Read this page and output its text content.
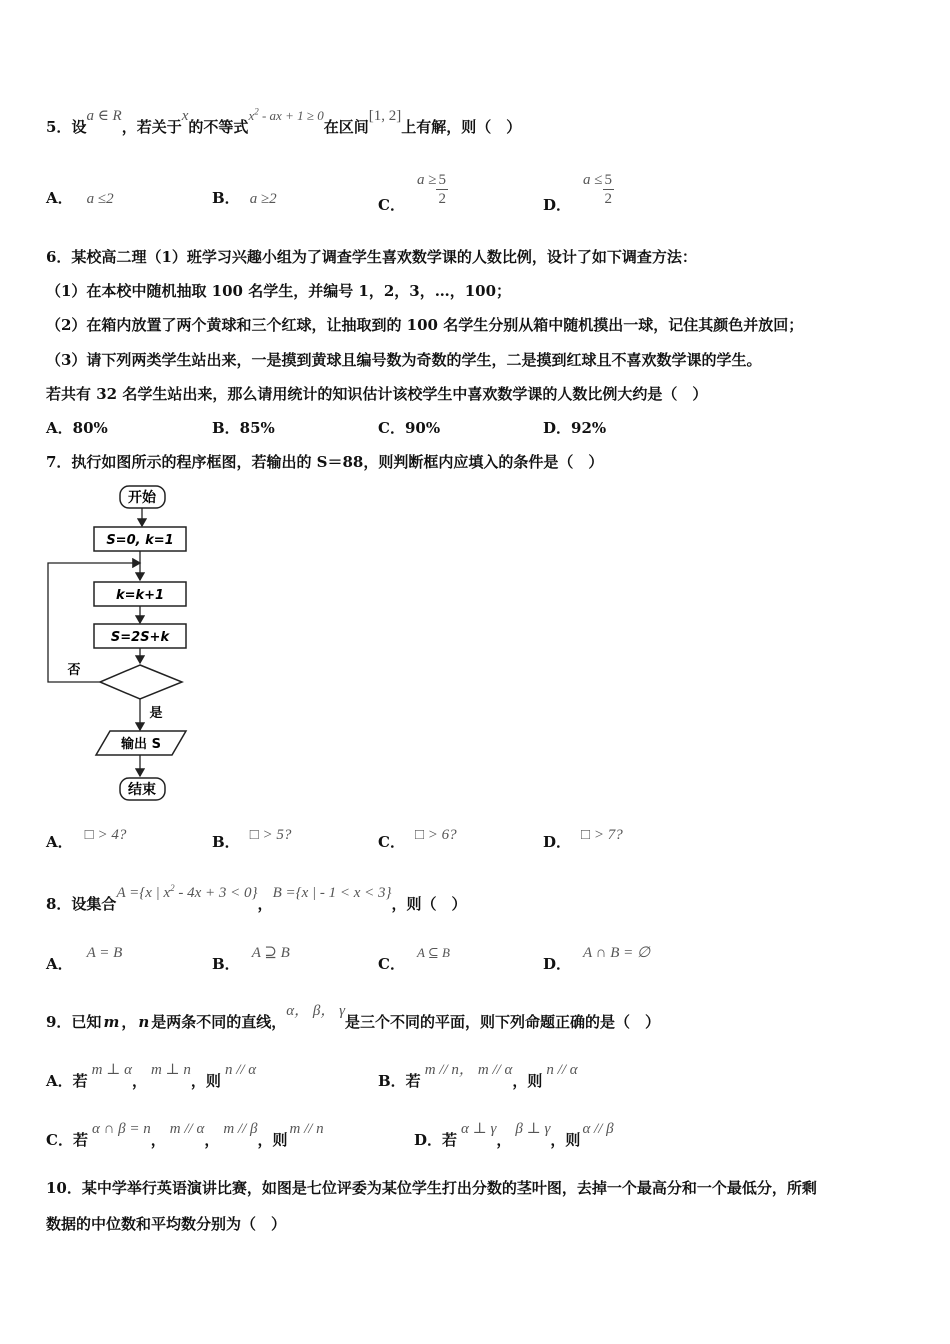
5．设a ∈ R，若关于x的不等式$x^2$ - ax + 1 ≥ 0在区间[1, 2]上有解，则（　）
A． a ≤2	B． a ≥2	C．$a \ge \frac{5}{2}$	D．$a \le \frac{5}{2}$
6．某校高二理（1）班学习兴趣小组为了调查学生喜欢数学课的人数比例，设计了如下调查方法：
（1）在本校中随机抽取 100 名学生，并编号 1，2，3，…，100；
（2）在箱内放置了两个黄球和三个红球，让抽取到的 100 名学生分别从箱中随机摸出一球，记住其颜色并放回；
（3）请下列两类学生站出来，一是摸到黄球且编号数为奇数的学生，二是摸到红球且不喜欢数学课的学生。
若共有 32 名学生站出来，那么请用统计的知识估计该校学生中喜欢数学课的人数比例大约是（　）
A．80%	B．85%	C．90%	D．92%
7．执行如图所示的程序框图，若输出的 S＝88，则判断框内应填入的条件是（　）
开始
S=0, k=1
k=k+1
S=2S+k
否
是
输出 S
结束
A． □ > 4?	B． □ > 5?	C． □ > 6?	D． □ > 7?
8．设集合A ={x | $x^2 - 4x + 3 < 0$}，B ={x | - 1 < x < 3}，则（　）
A．A = B
B．A ⊇ B
C．A ⊆ B
D．A ∩ B = ∅
9．已知 m ， n 是两条不同的直线，α， β， γ是三个不同的平面，则下列命题正确的是（　）
A．若m ⊥ α，m ⊥ n，则n // α
B．若m // n， m // α，则n // α
C．若α ∩ β = n，m // α，m // β，则m // n
D．若α ⊥ γ，β ⊥ γ，则α // β
10．某中学举行英语演讲比赛，如图是七位评委为某位学生打出分数的茎叶图，去掉一个最高分和一个最低分，所剩
数据的中位数和平均数分别为（　）
